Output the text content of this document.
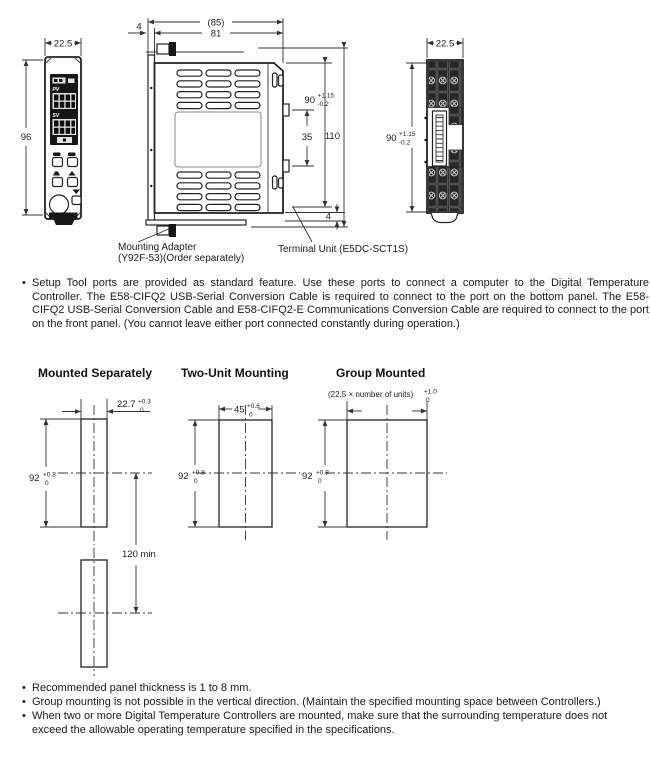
22.5
96
PV
SV
(85)
81
4
90 +1.15
-0.2
35 110
4
Mounting Adapter
(Y92F-53)(Order separately)
Terminal Unit (E5DC-SCT1S)
22.5
90 +1.15
-0.2
• Setup Tool ports are provided as standard feature. Use these ports to connect a computer to the Digital Temperature Controller. The E58-CIFQ2 USB-Serial Conversion Cable is required to connect to the port on the bottom panel. The E58-CIFQ2 USB-Serial Conversion Cable and E58-CIFQ2-E Communications Conversion Cable are required to connect to the port on the front panel. (You cannot leave either port connected constantly during operation.)
Mounted Separately
22.7 +0.3
0
92 +0.8
0
120 min
Two-Unit Mounting
45 +0.6
0
92 +0.8
0
Group Mounted
(22.5 × number of units) +1.0
0
92 +0.8
0
• Recommended panel thickness is 1 to 8 mm.
• Group mounting is not possible in the vertical direction. (Maintain the specified mounting space between Controllers.)
• When two or more Digital Temperature Controllers are mounted, make sure that the surrounding temperature does not exceed the allowable operating temperature specified in the specifications.
